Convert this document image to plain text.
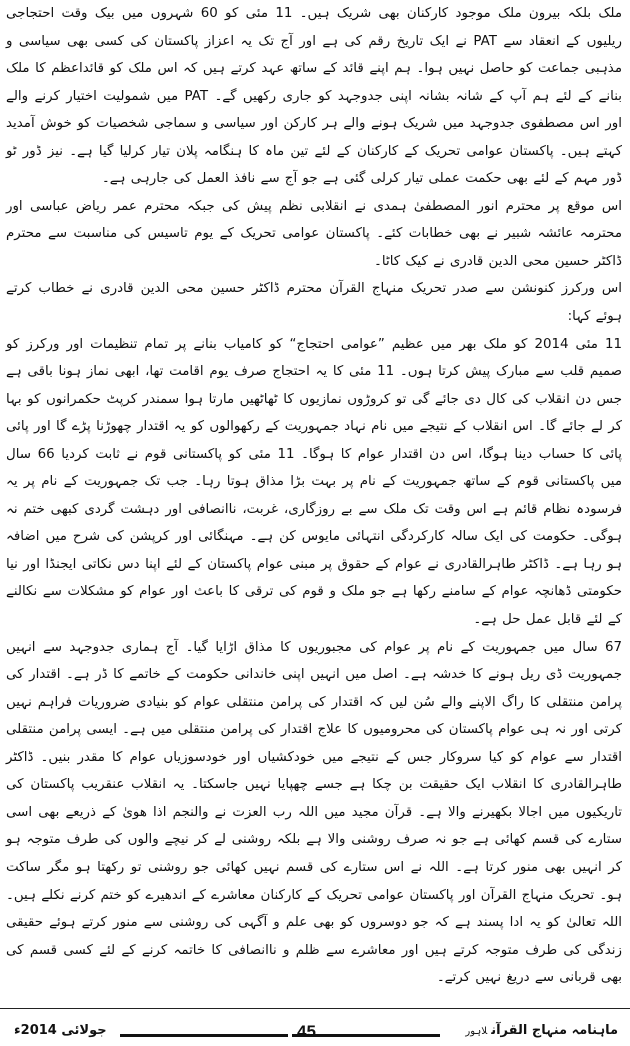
ملک بلکہ بیرون ملک موجود کارکنان بھی شریک ہیں۔ 11 مئی کو 60 شہروں میں بیک وقت احتجاجی ریلیوں کے انعقاد سے PAT نے ایک تاریخ رقم کی ہے اور آج تک یہ اعزاز پاکستان کی کسی بھی سیاسی و مذہبی جماعت کو حاصل نہیں ہوا۔ ہم اپنے قائد کے ساتھ عہد کرتے ہیں کہ اس ملک کو قائداعظم کا ملک بنانے کے لئے ہم آپ کے شانہ بشانہ اپنی جدوجہد کو جاری رکھیں گے۔ PAT میں شمولیت اختیار کرنے والے اور اس مصطفوی جدوجہد میں شریک ہونے والے ہر کارکن اور سیاسی و سماجی شخصیات کو خوش آمدید کہتے ہیں۔ پاکستان عوامی تحریک کے کارکنان کے لئے تین ماہ کا ہنگامہ پلان تیار کرلیا گیا ہے۔ نیز ڈور ٹو ڈور مہم کے لئے بھی حکمت عملی تیار کرلی گئی ہے جو آج سے نافذ العمل کی جارہی ہے۔

اس موقع پر محترم انور المصطفیٰ ہمدی نے انقلابی نظم پیش کی جبکہ محترم عمر ریاض عباسی اور محترمہ عائشہ شبیر نے بھی خطابات کئے۔ پاکستان عوامی تحریک کے یوم تاسیس کی مناسبت سے محترم ڈاکٹر حسین محی الدین قادری نے کیک کاٹا۔

اس ورکرز کنونشن سے صدر تحریک منہاج القرآن محترم ڈاکٹر حسین محی الدین قادری نے خطاب کرتے ہوئے کہا:

11 مئی 2014 کو ملک بھر میں عظیم ”عوامی احتجاج“ کو کامیاب بنانے پر تمام تنظیمات اور ورکرز کو صمیم قلب سے مبارک پیش کرتا ہوں۔ 11 مئی کا یہ احتجاج صرف یوم اقامت تھا، ابھی نماز ہونا باقی ہے جس دن انقلاب کی کال دی جائے گی تو کروڑوں نمازیوں کا ٹھاٹھیں مارتا ہوا سمندر کرپٹ حکمرانوں کو بہا کر لے جائے گا۔ اس انقلاب کے نتیجے میں نام نہاد جمہوریت کے رکھوالوں کو یہ اقتدار چھوڑنا پڑے گا اور پائی پائی کا حساب دینا ہوگا، اس دن اقتدار عوام کا ہوگا۔ 11 مئی کو پاکستانی قوم نے ثابت کردیا 66 سال میں پاکستانی قوم کے ساتھ جمہوریت کے نام پر بہت بڑا مذاق ہوتا رہا۔ جب تک جمہوریت کے نام پر یہ فرسودہ نظام قائم ہے اس وقت تک ملک سے بے روزگاری، غربت، ناانصافی اور دہشت گردی کبھی ختم نہ ہوگی۔ حکومت کی ایک سالہ کارکردگی انتہائی مایوس کن ہے۔ مہنگائی اور کرپشن کی شرح میں اضافہ ہو رہا ہے۔ ڈاکٹر طاہرالقادری نے عوام کے حقوق پر مبنی عوام پاکستان کے لئے اپنا دس نکاتی ایجنڈا اور نیا حکومتی ڈھانچہ عوام کے سامنے رکھا ہے جو ملک و قوم کی ترقی کا باعث اور عوام کو مشکلات سے نکالنے کے لئے قابل عمل حل ہے۔

67 سال میں جمہوریت کے نام پر عوام کی مجبوریوں کا مذاق اڑایا گیا۔ آج ہماری جدوجہد سے انہیں جمہوریت ڈی ریل ہونے کا خدشہ ہے۔ اصل میں انہیں اپنی خاندانی حکومت کے خاتمے کا ڈر ہے۔ اقتدار کی پرامن منتقلی کا راگ الاپنے والے سُن لیں کہ اقتدار کی پرامن منتقلی عوام کو بنیادی ضروریات فراہم نہیں کرتی اور نہ ہی عوام پاکستان کی محرومیوں کا علاج اقتدار کی پرامن منتقلی میں ہے۔ ایسی پرامن منتقلی اقتدار سے عوام کو کیا سروکار جس کے نتیجے میں خودکشیاں اور خودسوزیاں عوام کا مقدر بنیں۔ ڈاکٹر طاہرالقادری کا انقلاب ایک حقیقت بن چکا ہے جسے چھپایا نہیں جاسکتا۔ یہ انقلاب عنقریب پاکستان کی تاریکیوں میں اجالا بکھیرنے والا ہے۔ قرآن مجید میں اللہ رب العزت نے والنجم اذا ھویٰ کے ذریعے بھی اسی ستارے کی قسم کھائی ہے جو نہ صرف روشنی والا ہے بلکہ روشنی لے کر نیچے والوں کی طرف متوجہ ہو کر انہیں بھی منور کرتا ہے۔ اللہ نے اس ستارے کی قسم نہیں کھائی جو روشنی تو رکھتا ہو مگر ساکت ہو۔ تحریک منہاج القرآن اور پاکستان عوامی تحریک کے کارکنان معاشرے کے اندھیرے کو ختم کرنے نکلے ہیں۔ اللہ تعالیٰ کو یہ ادا پسند ہے کہ جو دوسروں کو بھی علم و آگہی کی روشنی سے منور کرتے ہوئے حقیقی زندگی کی طرف متوجہ کرتے ہیں اور معاشرے سے ظلم و ناانصافی کا خاتمہ کرنے کے لئے کسی قسم کی بھی قربانی سے دریغ نہیں کرتے۔

ماہنامہ منہاج القرآنلاہور
45
جولائی 2014ء
